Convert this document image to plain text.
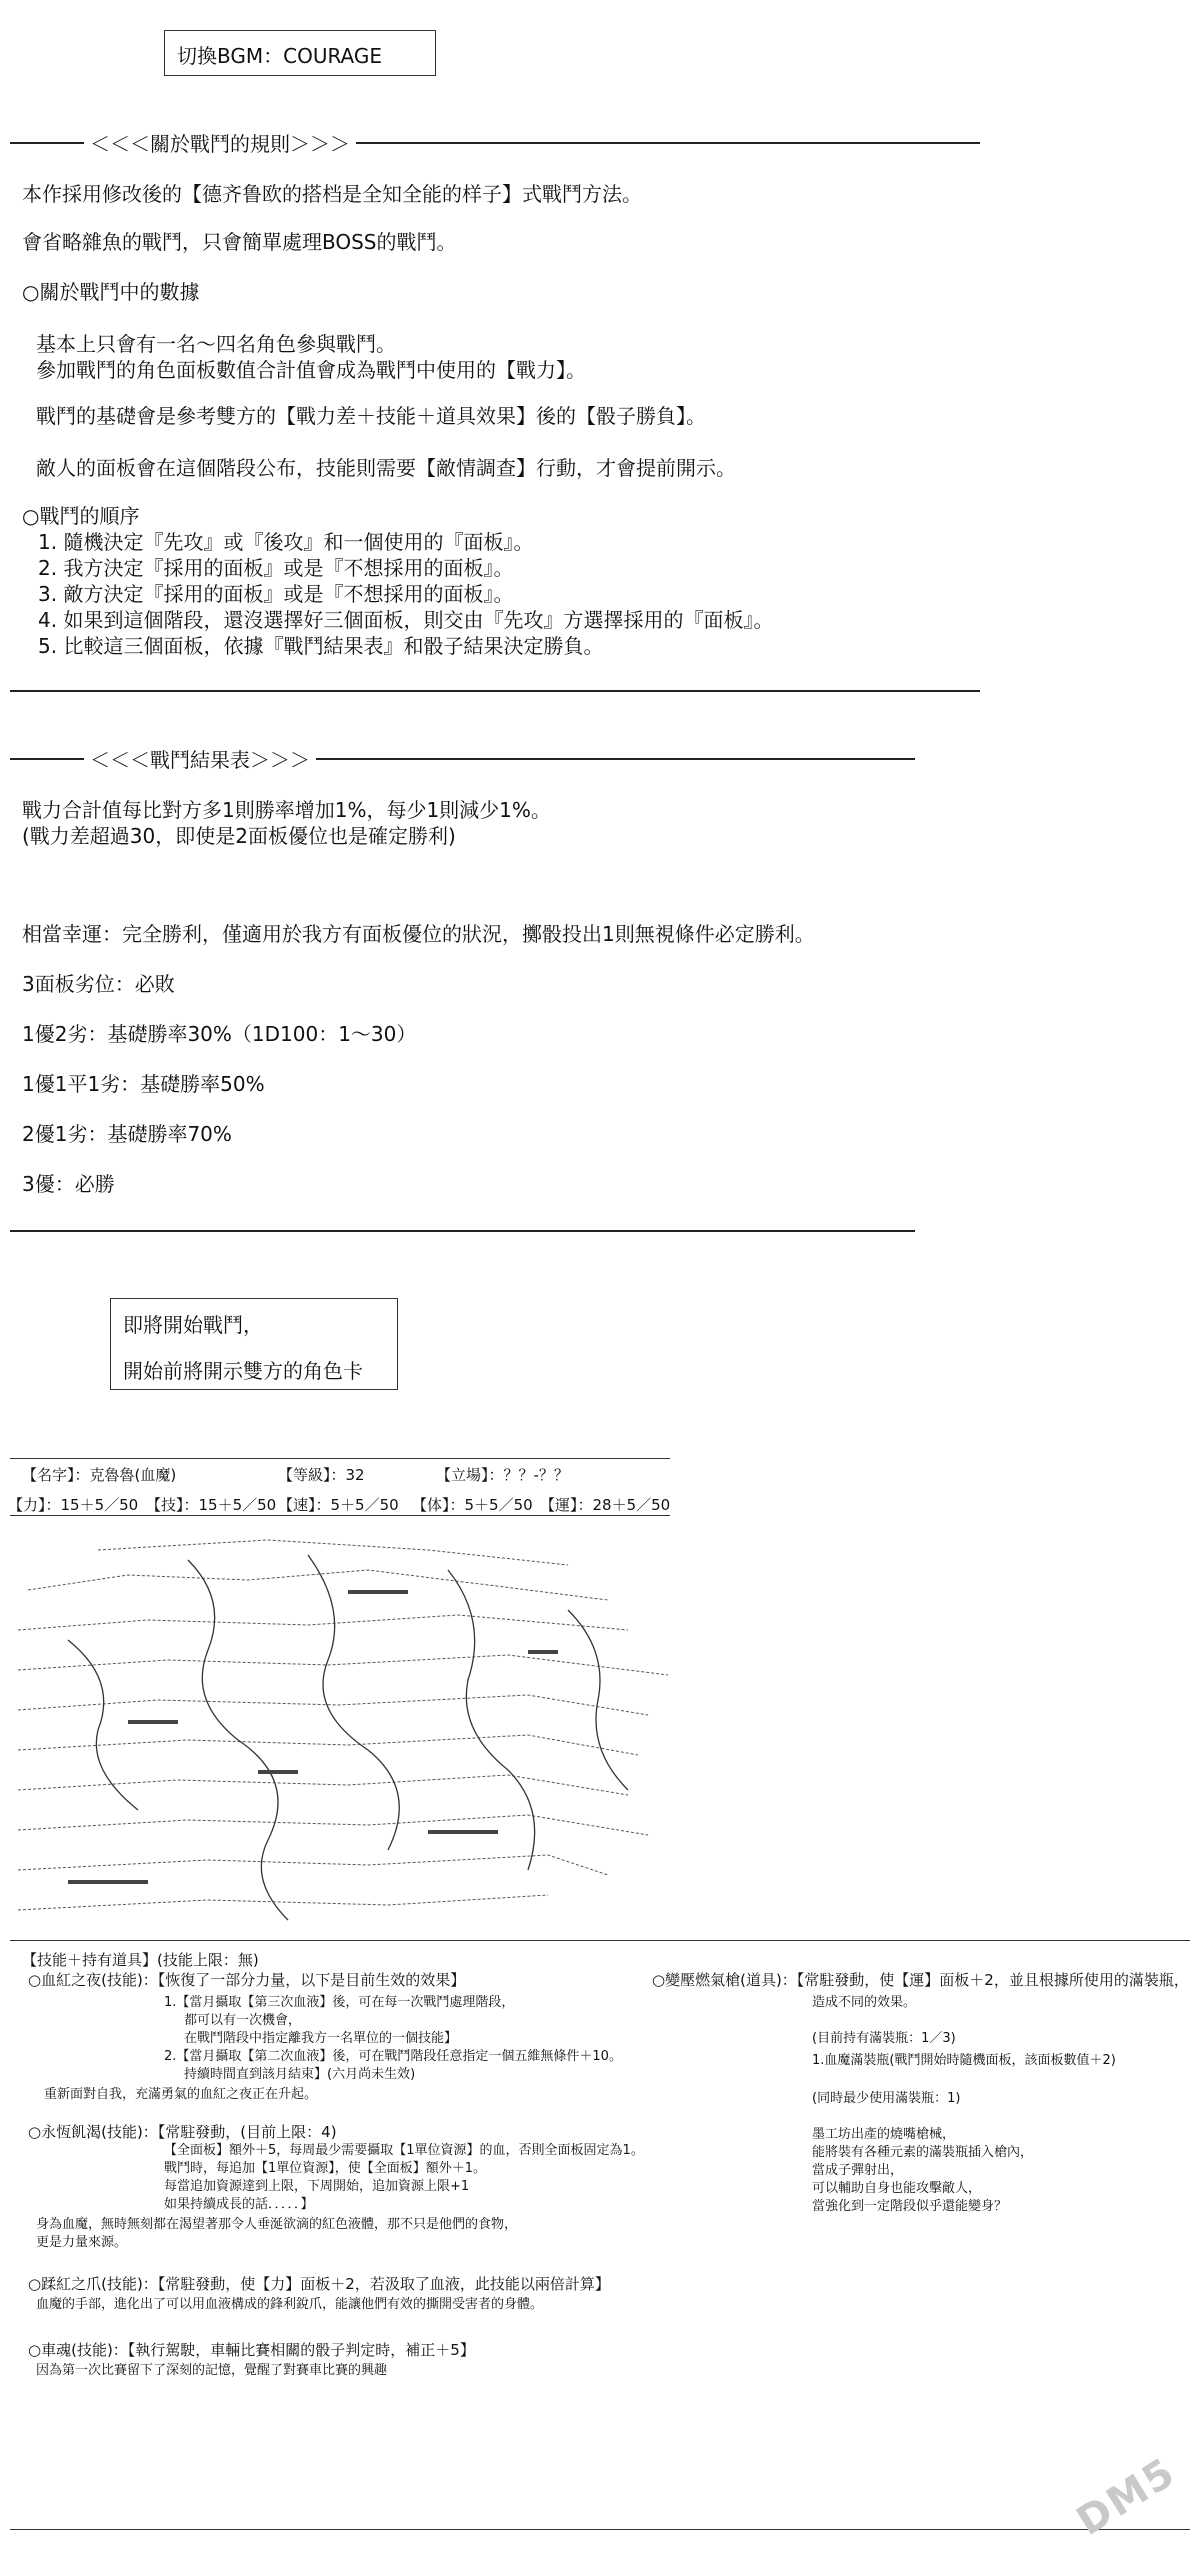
切換BGM：COURAGE
＜＜＜關於戰鬥的規則＞＞＞
本作採用修改後的【德齐鲁欧的搭档是全知全能的样子】式戰鬥方法。
會省略雜魚的戰鬥，只會簡單處理BOSS的戰鬥。
○關於戰鬥中的數據
基本上只會有一名～四名角色參與戰鬥。
參加戰鬥的角色面板數值合計值會成為戰鬥中使用的【戰力】。
戰鬥的基礎會是參考雙方的【戰力差＋技能＋道具效果】後的【骰子勝負】。
敵人的面板會在這個階段公布，技能則需要【敵情調查】行動，才會提前開示。
○戰鬥的順序
1. 隨機決定『先攻』或『後攻』和一個使用的『面板』。
2. 我方決定『採用的面板』或是『不想採用的面板』。
3. 敵方決定『採用的面板』或是『不想採用的面板』。
4. 如果到這個階段，還沒選擇好三個面板，則交由『先攻』方選擇採用的『面板』。
5. 比較這三個面板，依據『戰鬥結果表』和骰子結果決定勝負。
＜＜＜戰鬥結果表＞＞＞
戰力合計值每比對方多1則勝率增加1%，每少1則減少1%。
(戰力差超過30，即使是2面板優位也是確定勝利)
相當幸運：完全勝利，僅適用於我方有面板優位的狀況，擲骰投出1則無視條件必定勝利。
3面板劣位：必敗
1優2劣：基礎勝率30%（1D100：1～30）
1優1平1劣：基礎勝率50%
2優1劣：基礎勝率70%
3優：必勝
即將開始戰鬥，
開始前將開示雙方的角色卡
【名字】：克魯魯(血魔)	【等級】：32	【立場】：？？-？？
【力】：15＋5／50 【技】：15＋5／50 【速】：5＋5／50 【体】：5＋5／50 【運】：28＋5／50
【技能＋持有道具】(技能上限：無)
○血紅之夜(技能)：【恢復了一部分力量，以下是目前生效的效果】
1.【當月攝取【第三次血液】後，可在每一次戰鬥處理階段，
都可以有一次機會，
在戰鬥階段中指定離我方一名單位的一個技能】
2.【當月攝取【第二次血液】後，可在戰鬥階段任意指定一個五維無條件＋10。
持續時間直到該月結束】(六月尚未生效)
重新面對自我，充滿勇氣的血紅之夜正在升起。
○永恆飢渴(技能)：【常駐發動，(目前上限：4)
【全面板】額外＋5，每周最少需要攝取【1單位資源】的血，否則全面板固定為1。
戰鬥時，每追加【1單位資源】，使【全面板】額外＋1。
每當追加資源達到上限，下周開始，追加資源上限+1
如果持續成長的話．．．．．】
身為血魔，無時無刻都在渴望著那令人垂涎欲滴的紅色液體，那不只是他們的食物，
更是力量來源。
○蹂紅之爪(技能)：【常駐發動，使【力】面板＋2，若汲取了血液，此技能以兩倍計算】
血魔的手部，進化出了可以用血液構成的鋒利銳爪，能讓他們有效的撕開受害者的身體。
○車魂(技能)：【執行駕駛，車輛比賽相關的骰子判定時，補正＋5】
因為第一次比賽留下了深刻的記憶，覺醒了對賽車比賽的興趣
○變壓燃氣槍(道具)：【常駐發動，使【運】面板＋2，並且根據所使用的滿裝瓶，
造成不同的效果。
(目前持有滿裝瓶：1／3)
1.血魔滿裝瓶(戰鬥開始時隨機面板，該面板數值＋2)
(同時最少使用滿裝瓶：1)
墨工坊出產的燒嘴槍械，
能將裝有各種元素的滿裝瓶插入槍內，
當成子彈射出，
可以輔助自身也能攻擊敵人，
當強化到一定階段似乎還能變身？
DM5
